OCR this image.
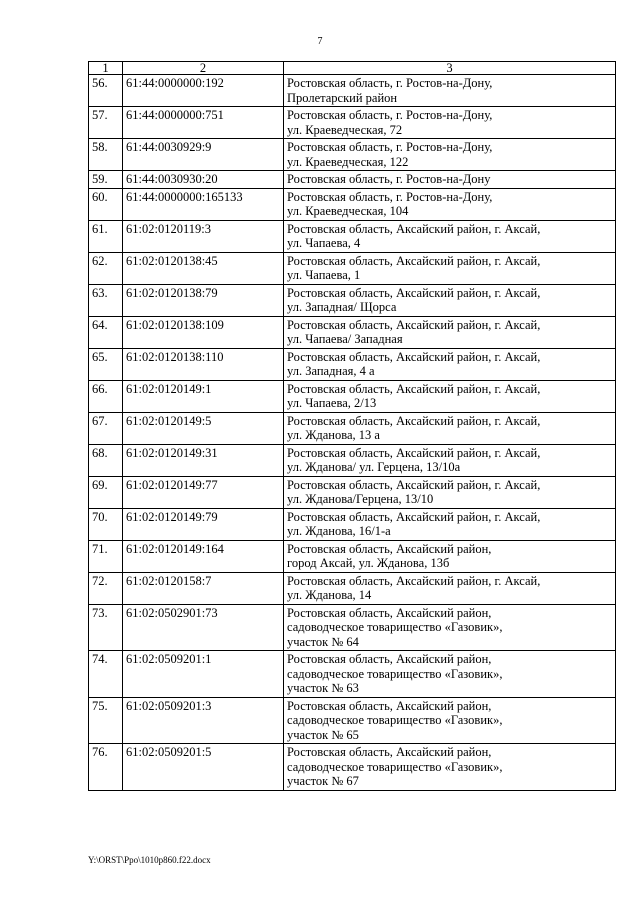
7
1	2	3
56.	61:44:0000000:192	Ростовская область, г. Ростов-на-Дону,
Пролетарский район

57.	61:44:0000000:751	Ростовская область, г. Ростов-на-Дону,
ул. Краеведческая, 72

58.	61:44:0030929:9	Ростовская область, г. Ростов-на-Дону,
ул. Краеведческая, 122

59.	61:44:0030930:20	Ростовская область, г. Ростов-на-Дону

60.	61:44:0000000:165133	Ростовская область, г. Ростов-на-Дону,
ул. Краеведческая, 104

61.	61:02:0120119:3	Ростовская область, Аксайский район, г. Аксай,
ул. Чапаева, 4

62.	61:02:0120138:45	Ростовская область, Аксайский район, г. Аксай,
ул. Чапаева, 1

63.	61:02:0120138:79	Ростовская область, Аксайский район, г. Аксай,
ул. Западная/ Щорса

64.	61:02:0120138:109	Ростовская область, Аксайский район, г. Аксай,
ул. Чапаева/ Западная

65.	61:02:0120138:110	Ростовская область, Аксайский район, г. Аксай,
ул. Западная, 4 а

66.	61:02:0120149:1	Ростовская область, Аксайский район, г. Аксай,
ул. Чапаева, 2/13

67.	61:02:0120149:5	Ростовская область, Аксайский район, г. Аксай,
ул. Жданова, 13 а

68.	61:02:0120149:31	Ростовская область, Аксайский район, г. Аксай,
ул. Жданова/ ул. Герцена, 13/10а

69.	61:02:0120149:77	Ростовская область, Аксайский район, г. Аксай,
ул. Жданова/Герцена, 13/10

70.	61:02:0120149:79	Ростовская область, Аксайский район, г. Аксай,
ул. Жданова, 16/1-а

71.	61:02:0120149:164	Ростовская область, Аксайский район,
город Аксай, ул. Жданова, 13б

72.	61:02:0120158:7	Ростовская область, Аксайский район, г. Аксай,
ул. Жданова, 14

73.	61:02:0502901:73	Ростовская область, Аксайский район,
садоводческое товарищество «Газовик»,
участок № 64

74.	61:02:0509201:1	Ростовская область, Аксайский район,
садоводческое товарищество «Газовик»,
участок № 63

75.	61:02:0509201:3	Ростовская область, Аксайский район,
садоводческое товарищество «Газовик»,
участок № 65

76.	61:02:0509201:5	Ростовская область, Аксайский район,
садоводческое товарищество «Газовик»,
участок № 67
Y:\ORST\Ppo\1010p860.f22.docx
